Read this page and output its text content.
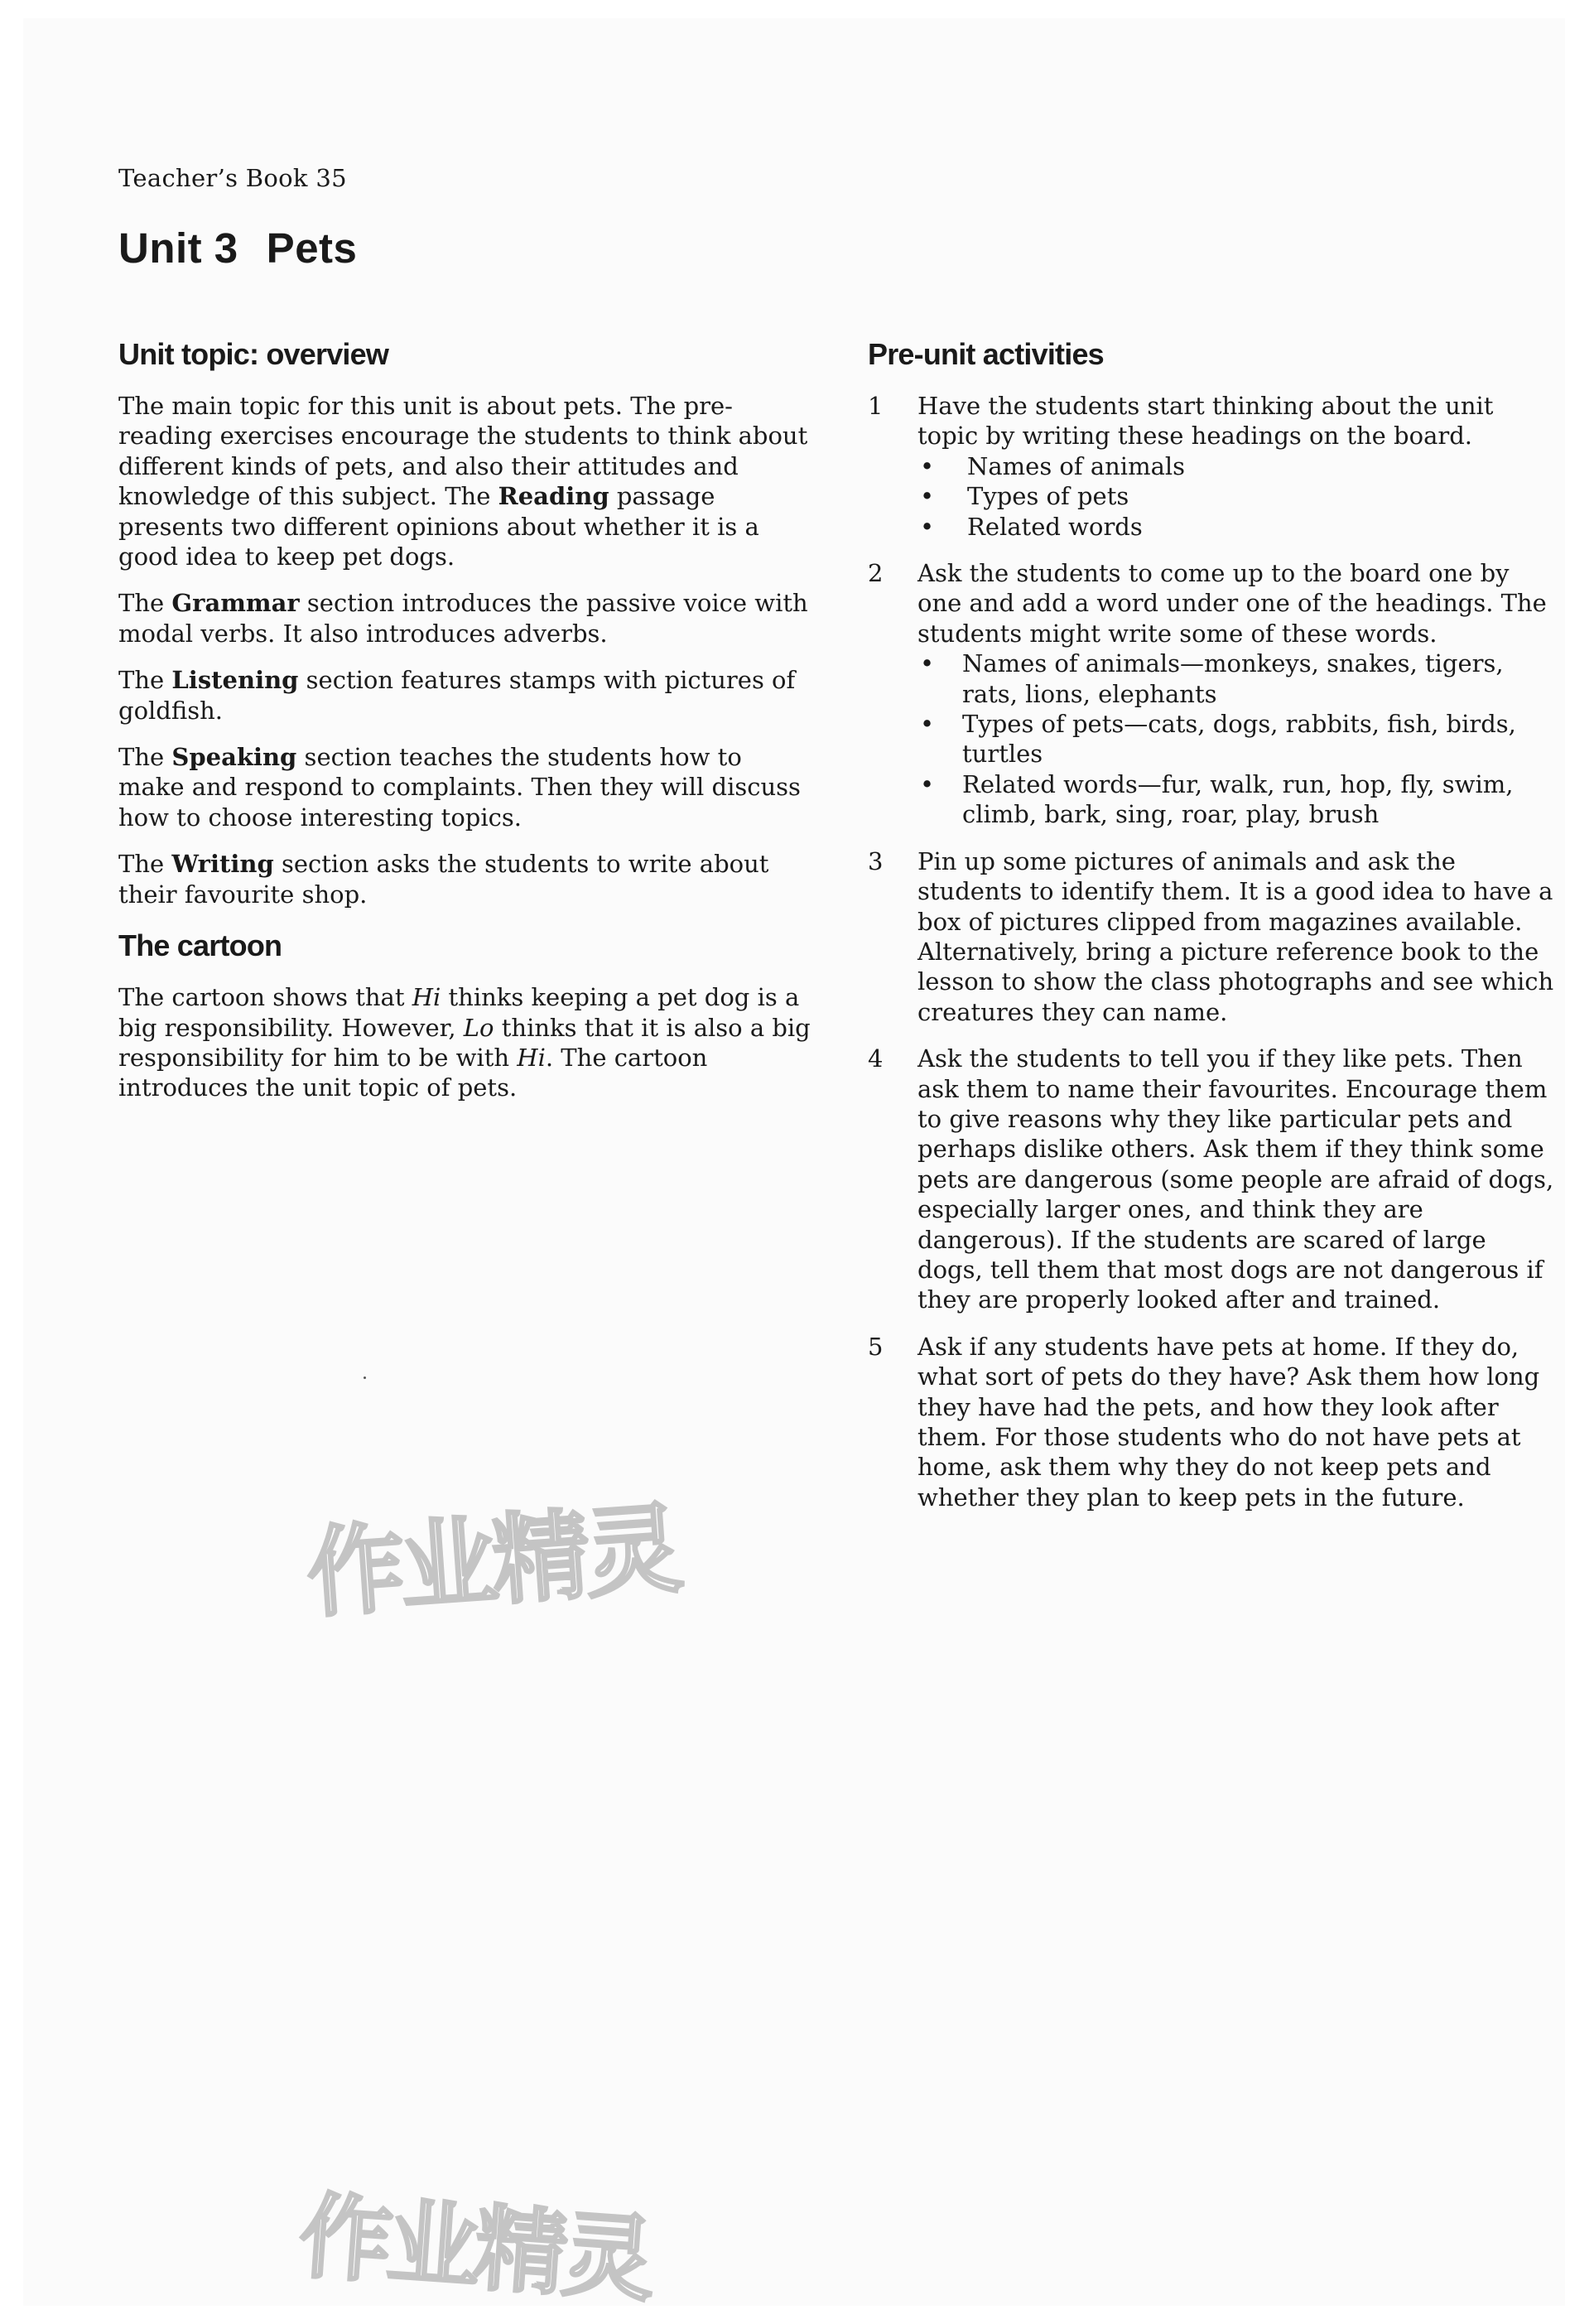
Teacher’s Book 35
Unit 3 Pets
Unit topic: overview

The main topic for this unit is about pets. The pre-reading exercises encourage the students to think about different kinds of pets, and also their attitudes and knowledge of this subject. The Reading passage presents two different opinions about whether it is a good idea to keep pet dogs.

The Grammar section introduces the passive voice with modal verbs. It also introduces adverbs.

The Listening section features stamps with pictures of goldfish.

The Speaking section teaches the students how to make and respond to complaints. Then they will discuss how to choose interesting topics.

The Writing section asks the students to write about their favourite shop.

The cartoon

The cartoon shows that Hi thinks keeping a pet dog is a big responsibility. However, Lo thinks that it is also a big responsibility for him to be with Hi. The cartoon introduces the unit topic of pets.

Pre-unit activities
1 Have the students start thinking about the unit topic by writing these headings on the board.
• Names of animals
• Types of pets
• Related words
2 Ask the students to come up to the board one by one and add a word under one of the headings. The students might write some of these words.
• Names of animals—monkeys, snakes, tigers, rats, lions, elephants
• Types of pets—cats, dogs, rabbits, fish, birds, turtles
• Related words—fur, walk, run, hop, fly, swim, climb, bark, sing, roar, play, brush
3 Pin up some pictures of animals and ask the students to identify them. It is a good idea to have a box of pictures clipped from magazines available. Alternatively, bring a picture reference book to the lesson to show the class photographs and see which creatures they can name.
4 Ask the students to tell you if they like pets. Then ask them to name their favourites. Encourage them to give reasons why they like particular pets and perhaps dislike others. Ask them if they think some pets are dangerous (some people are afraid of dogs, especially larger ones, and think they are dangerous). If the students are scared of large dogs, tell them that most dogs are not dangerous if they are properly looked after and trained.
5 Ask if any students have pets at home. If they do, what sort of pets do they have? Ask them how long they have had the pets, and how they look after them. For those students who do not have pets at home, ask them why they do not keep pets and whether they plan to keep pets in the future.
作业精灵
作业精灵
